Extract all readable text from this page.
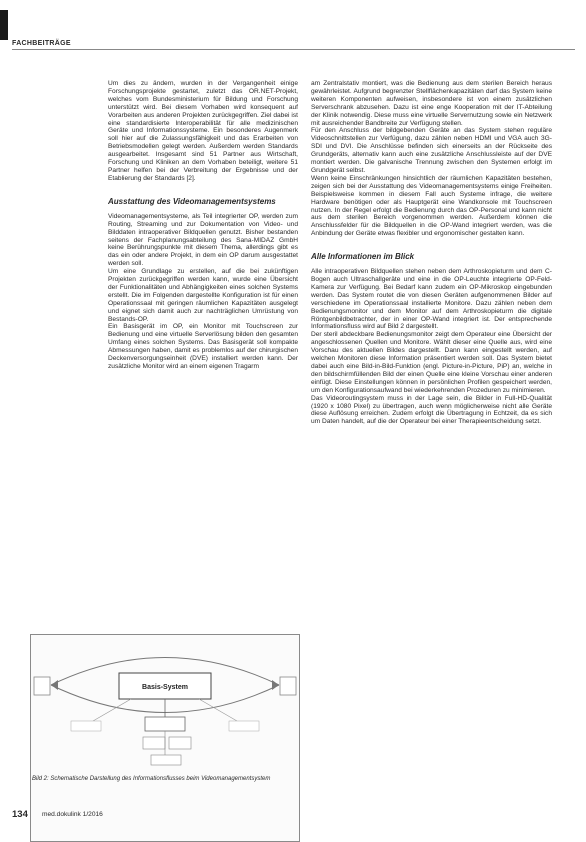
FACHBEITRÄGE

Um dies zu ändern, wurden in der Vergangenheit einige Forschungsprojekte gestartet, zuletzt das OR.NET-Projekt, welches vom Bundesministerium für Bildung und Forschung unterstützt wird. Bei diesem Vorhaben wird konsequent auf Vorarbeiten aus anderen Projekten zurückgegriffen. Ziel dabei ist eine standardisierte Interoperabilität für alle medizinischen Geräte und Informationssysteme. Ein besonderes Augenmerk soll hier auf die Zulassungsfähigkeit und das Erarbeiten von Betriebsmodellen gelegt werden. Außerdem werden Standards ausgearbeitet. Insgesamt sind 51 Partner aus Wirtschaft, Forschung und Kliniken an dem Vorhaben beteiligt, weitere 51 Partner helfen bei der Verbreitung der Ergebnisse und der Etablierung der Standards [2].

Ausstattung des Videomanagementsystems

Videomanagementsysteme, als Teil integrierter OP, werden zum Routing, Streaming und zur Dokumentation von Video- und Bilddaten intraoperativer Bildquellen genutzt. Bisher bestanden seitens der Fachplanungsabteilung des Sana-MIDAZ GmbH keine Berührungspunkte mit diesem Thema, allerdings gibt es das ein oder andere Projekt, in dem ein OP darum ausgestattet werden soll.

Um eine Grundlage zu erstellen, auf die bei zukünftigen Projekten zurückgegriffen werden kann, wurde eine Übersicht der Funktionalitäten und Abhängigkeiten eines solchen Systems erstellt. Die im Folgenden dargestellte Konfiguration ist für einen Operationssaal mit geringen räumlichen Kapazitäten ausgelegt und eignet sich damit auch zur nachträglichen Umrüstung von Bestands-OP.

Ein Basisgerät im OP, ein Monitor mit Touchscreen zur Bedienung und eine virtuelle Serverlösung bilden den gesamten Umfang eines solchen Systems. Das Basisgerät soll kompakte Abmessungen haben, damit es problemlos auf der chirurgischen Deckenversorgungseinheit (DVE) installiert werden kann. Der zusätzliche Monitor wird an einem eigenen Tragarm

am Zentralstativ montiert, was die Bedienung aus dem sterilen Bereich heraus gewährleistet. Aufgrund begrenzter Stellflächenkapazitäten darf das System keine weiteren Komponenten aufweisen, insbesondere ist von einem zusätzlichen Serverschrank abzusehen. Dazu ist eine enge Kooperation mit der IT-Abteilung der Klinik notwendig. Diese muss eine virtuelle Servernutzung sowie ein Netzwerk mit ausreichender Bandbreite zur Verfügung stellen.

Für den Anschluss der bildgebenden Geräte an das System stehen reguläre Videoschnittstellen zur Verfügung, dazu zählen neben HDMI und VGA auch 3G-SDI und DVI. Die Anschlüsse befinden sich einerseits an der Rückseite des Grundgeräts, alternativ kann auch eine zusätzliche Anschlussleiste auf der DVE montiert werden. Die galvanische Trennung zwischen den Systemen erfolgt im Grundgerät selbst.

Wenn keine Einschränkungen hinsichtlich der räumlichen Kapazitäten bestehen, zeigen sich bei der Ausstattung des Videomanagementsystems einige Freiheiten. Beispielsweise kommen in diesem Fall auch Systeme infrage, die weitere Hardware benötigen oder als Hauptgerät eine Wandkonsole mit Touchscreen nutzen. In der Regel erfolgt die Bedienung durch das OP-Personal und kann nicht aus dem sterilen Bereich vorgenommen werden. Außerdem können die Anschlussfelder für die Bildquellen in die OP-Wand integriert werden, was die Anbindung der Geräte etwas flexibler und ergonomischer gestalten kann.

Alle Informationen im Blick

Alle intraoperativen Bildquellen stehen neben dem Arthroskopieturm und dem C-Bogen auch Ultraschallgeräte und eine in die OP-Leuchte integrierte OP-Feld-Kamera zur Verfügung. Bei Bedarf kann zudem ein OP-Mikroskop eingebunden werden. Das System routet die von diesen Geräten aufgenommenen Bilder auf verschiedene im Operationssaal installierte Monitore. Dazu zählen neben dem Bedienungsmonitor und dem Monitor auf dem Arthroskopieturm die digitale Röntgenbildbetrachter, der in einer OP-Wand integriert ist. Der entsprechende Informationsfluss wird auf Bild 2 dargestellt.

Der steril abdeckbare Bedienungsmonitor zeigt dem Operateur eine Übersicht der angeschlossenen Quellen und Monitore. Wählt dieser eine Quelle aus, wird eine Vorschau des aktuellen Bildes dargestellt. Dann kann eingestellt werden, auf welchen Monitoren diese Information präsentiert werden soll. Das System bietet dabei auch eine Bild-in-Bild-Funktion (engl. Picture-in-Picture, PiP) an, welche in den bildschirmfüllenden Bild der einen Quelle eine kleine Vorschau einer anderen einfügt. Diese Einstellungen können in persönlichen Profilen gespeichert werden, um den Konfigurationsaufwand bei wiederkehrenden Prozeduren zu minimieren.

Das Videoroutingsystem muss in der Lage sein, die Bilder in Full-HD-Qualität (1920 x 1080 Pixel) zu übertragen, auch wenn möglicherweise nicht alle Geräte diese Auflösung erreichen. Zudem erfolgt die Übertragung in Echtzeit, da es sich um Daten handelt, auf die der Operateur bei einer Therapieentscheidung setzt.

Basis-System
Bild 2: Schematische Darstellung des Informationsflusses beim Videomanagementsystem
134 med.dokulink 1/2016
